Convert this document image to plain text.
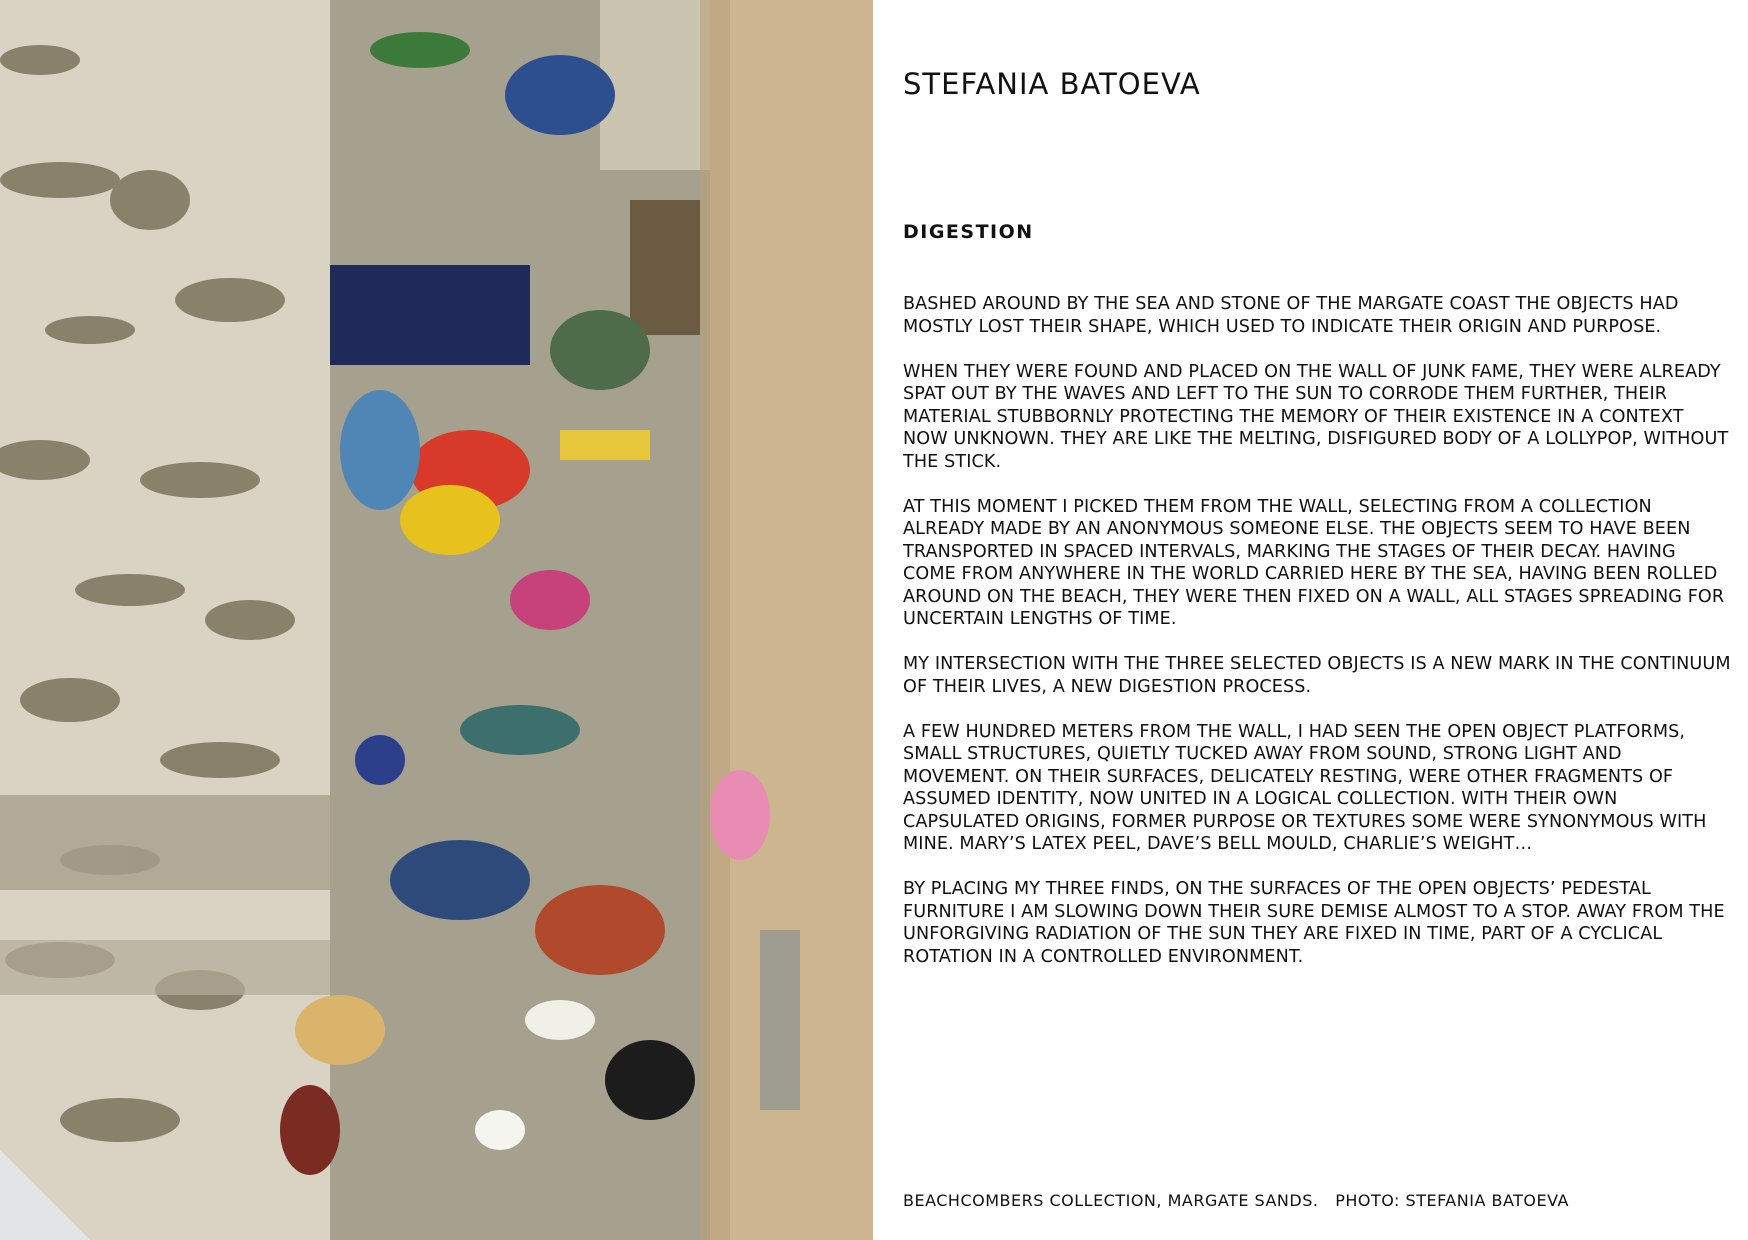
STEFANIA BATOEVA
DIGESTION

BASHED AROUND BY THE SEA AND STONE OF THE MARGATE COAST THE OBJECTS HAD MOSTLY LOST THEIR SHAPE, WHICH USED TO INDICATE THEIR ORIGIN AND PURPOSE.

WHEN THEY WERE FOUND AND PLACED ON THE WALL OF JUNK FAME, THEY WERE ALREADY SPAT OUT BY THE WAVES AND LEFT TO THE SUN TO CORRODE THEM FURTHER, THEIR MATERIAL STUBBORNLY PROTECTING THE MEMORY OF THEIR EXISTENCE IN A CONTEXT NOW UNKNOWN. THEY ARE LIKE THE MELTING, DISFIGURED BODY OF A LOLLYPOP, WITHOUT THE STICK.

AT THIS MOMENT I PICKED THEM FROM THE WALL, SELECTING FROM A COLLECTION ALREADY MADE BY AN ANONYMOUS SOMEONE ELSE. THE OBJECTS SEEM TO HAVE BEEN TRANSPORTED IN SPACED INTERVALS, MARKING THE STAGES OF THEIR DECAY. HAVING COME FROM ANYWHERE IN THE WORLD CARRIED HERE BY THE SEA, HAVING BEEN ROLLED AROUND ON THE BEACH, THEY WERE THEN FIXED ON A WALL, ALL STAGES SPREADING FOR UNCERTAIN LENGTHS OF TIME.

MY INTERSECTION WITH THE THREE SELECTED OBJECTS IS A NEW MARK IN THE CONTINUUM OF THEIR LIVES, A NEW DIGESTION PROCESS.

A FEW HUNDRED METERS FROM THE WALL, I HAD SEEN THE OPEN OBJECT PLATFORMS, SMALL STRUCTURES, QUIETLY TUCKED AWAY FROM SOUND, STRONG LIGHT AND MOVEMENT. ON THEIR SURFACES, DELICATELY RESTING, WERE OTHER FRAGMENTS OF ASSUMED IDENTITY, NOW UNITED IN A LOGICAL COLLECTION. WITH THEIR OWN CAPSULATED ORIGINS, FORMER PURPOSE OR TEXTURES SOME WERE SYNONYMOUS WITH MINE. MARY’S LATEX PEEL, DAVE’S BELL MOULD, CHARLIE’S WEIGHT…

BY PLACING MY THREE FINDS, ON THE SURFACES OF THE OPEN OBJECTS’ PEDESTAL FURNITURE I AM SLOWING DOWN THEIR SURE DEMISE ALMOST TO A STOP. AWAY FROM THE UNFORGIVING RADIATION OF THE SUN THEY ARE FIXED IN TIME, PART OF A CYCLICAL ROTATION IN A CONTROLLED ENVIRONMENT.

BEACHCOMBERS COLLECTION, MARGATE SANDS.   PHOTO: STEFANIA BATOEVA
